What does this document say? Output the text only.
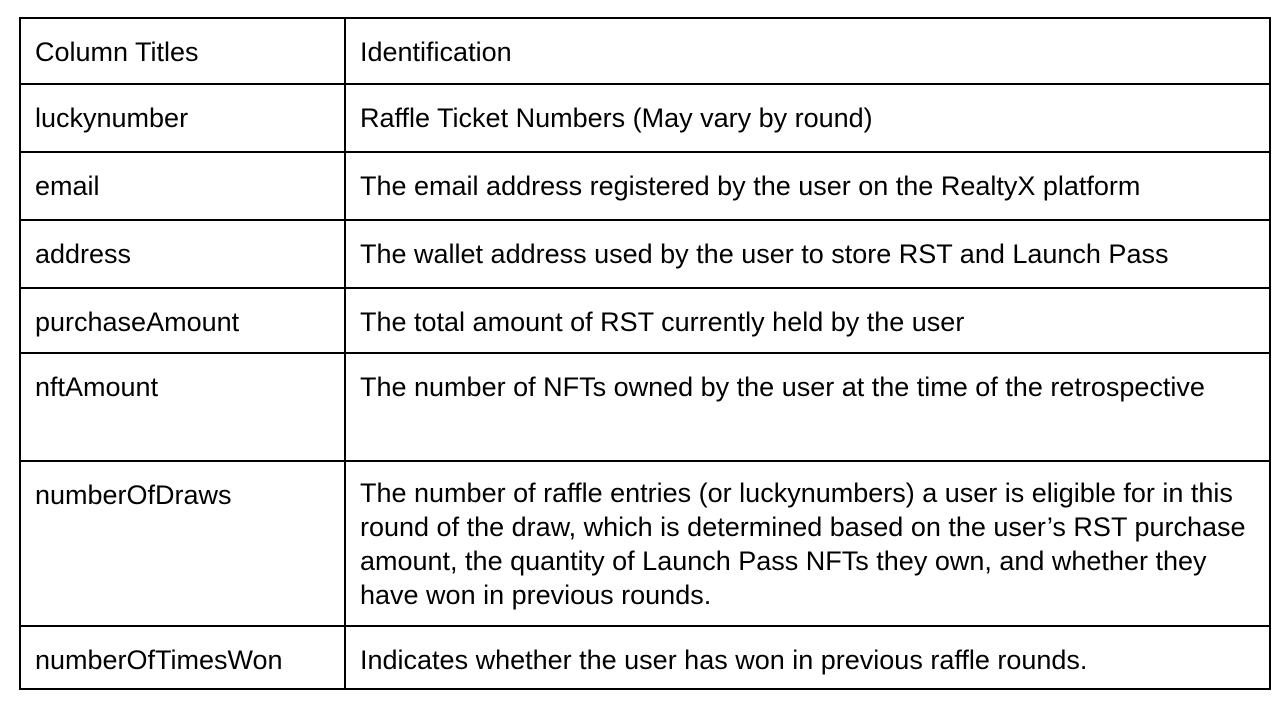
Column Titles	Identification
luckynumber	Raffle Ticket Numbers (May vary by round)
email	The email address registered by the user on the RealtyX platform
address	The wallet address used by the user to store RST and Launch Pass
purchaseAmount	The total amount of RST currently held by the user
nftAmount	The number of NFTs owned by the user at the time of the retrospective
numberOfDraws	The number of raffle entries (or luckynumbers) a user is eligible for in this round of the draw, which is determined based on the user’s RST purchase amount, the quantity of Launch Pass NFTs they own, and whether they have won in previous rounds.
numberOfTimesWon	Indicates whether the user has won in previous raffle rounds.
